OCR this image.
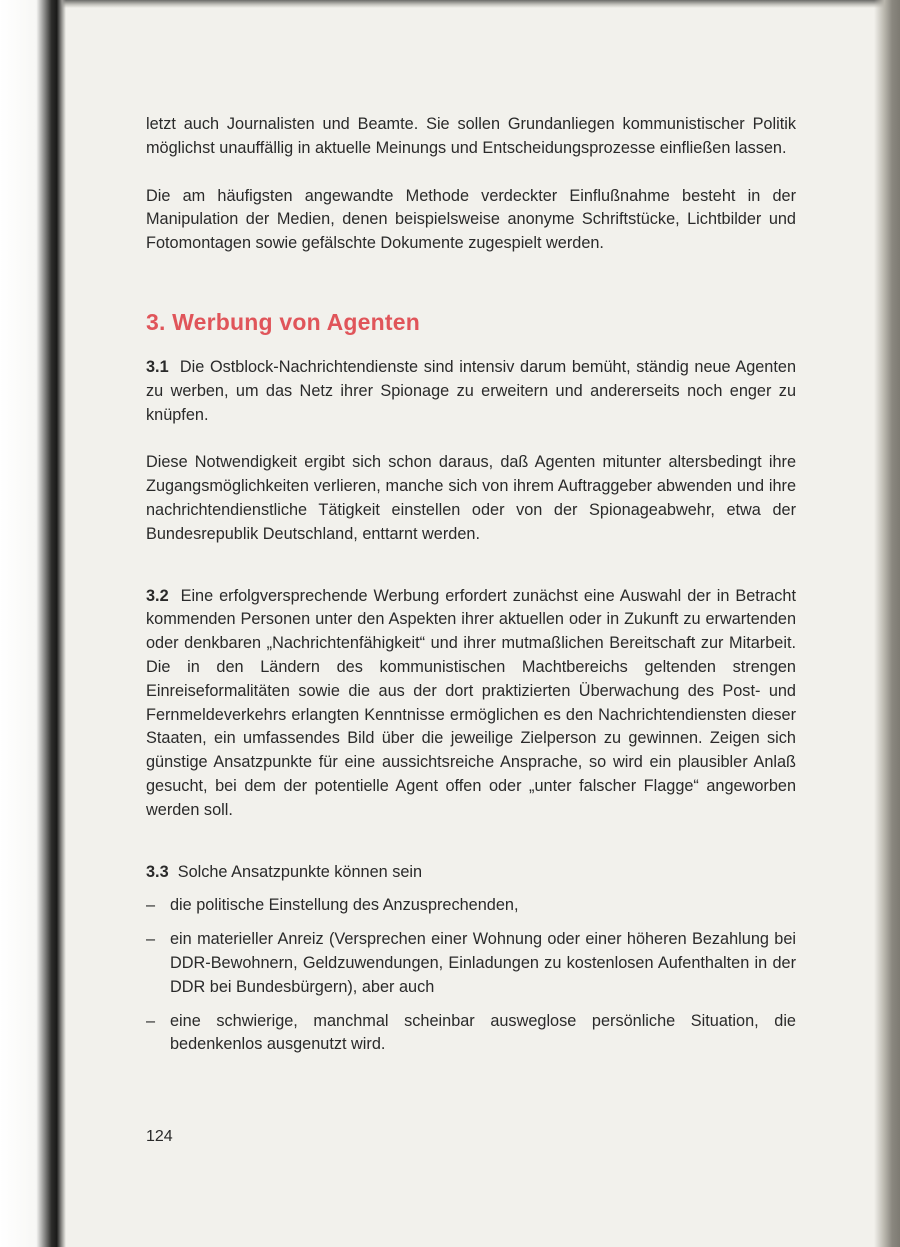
letzt auch Journalisten und Beamte. Sie sollen Grundanliegen kommunistischer Politik möglichst unauffällig in aktuelle Meinungs und Entscheidungsprozesse einfließen lassen.

Die am häufigsten angewandte Methode verdeckter Einflußnahme besteht in der Manipulation der Medien, denen beispielsweise anonyme Schriftstücke, Lichtbilder und Fotomontagen sowie gefälschte Dokumente zugespielt werden.

3. Werbung von Agenten

3.1 Die Ostblock-Nachrichtendienste sind intensiv darum bemüht, ständig neue Agenten zu werben, um das Netz ihrer Spionage zu erweitern und andererseits noch enger zu knüpfen.

Diese Notwendigkeit ergibt sich schon daraus, daß Agenten mitunter altersbedingt ihre Zugangsmöglichkeiten verlieren, manche sich von ihrem Auftraggeber abwenden und ihre nachrichtendienstliche Tätigkeit einstellen oder von der Spionageabwehr, etwa der Bundesrepublik Deutschland, enttarnt werden.

3.2 Eine erfolgversprechende Werbung erfordert zunächst eine Auswahl der in Betracht kommenden Personen unter den Aspekten ihrer aktuellen oder in Zukunft zu erwartenden oder denkbaren „Nachrichtenfähigkeit“ und ihrer mutmaßlichen Bereitschaft zur Mitarbeit. Die in den Ländern des kommunistischen Machtbereichs geltenden strengen Einreiseformalitäten sowie die aus der dort praktizierten Überwachung des Post- und Fernmeldeverkehrs erlangten Kenntnisse ermöglichen es den Nachrichtendiensten dieser Staaten, ein umfassendes Bild über die jeweilige Zielperson zu gewinnen. Zeigen sich günstige Ansatzpunkte für eine aussichtsreiche Ansprache, so wird ein plausibler Anlaß gesucht, bei dem der potentielle Agent offen oder „unter falscher Flagge“ angeworben werden soll.

3.3 Solche Ansatzpunkte können sein

– die politische Einstellung des Anzusprechenden,
– ein materieller Anreiz (Versprechen einer Wohnung oder einer höheren Bezahlung bei DDR-Bewohnern, Geldzuwendungen, Einladungen zu kostenlosen Aufenthalten in der DDR bei Bundesbürgern), aber auch
– eine schwierige, manchmal scheinbar ausweglose persönliche Situation, die bedenkenlos ausgenutzt wird.
124
